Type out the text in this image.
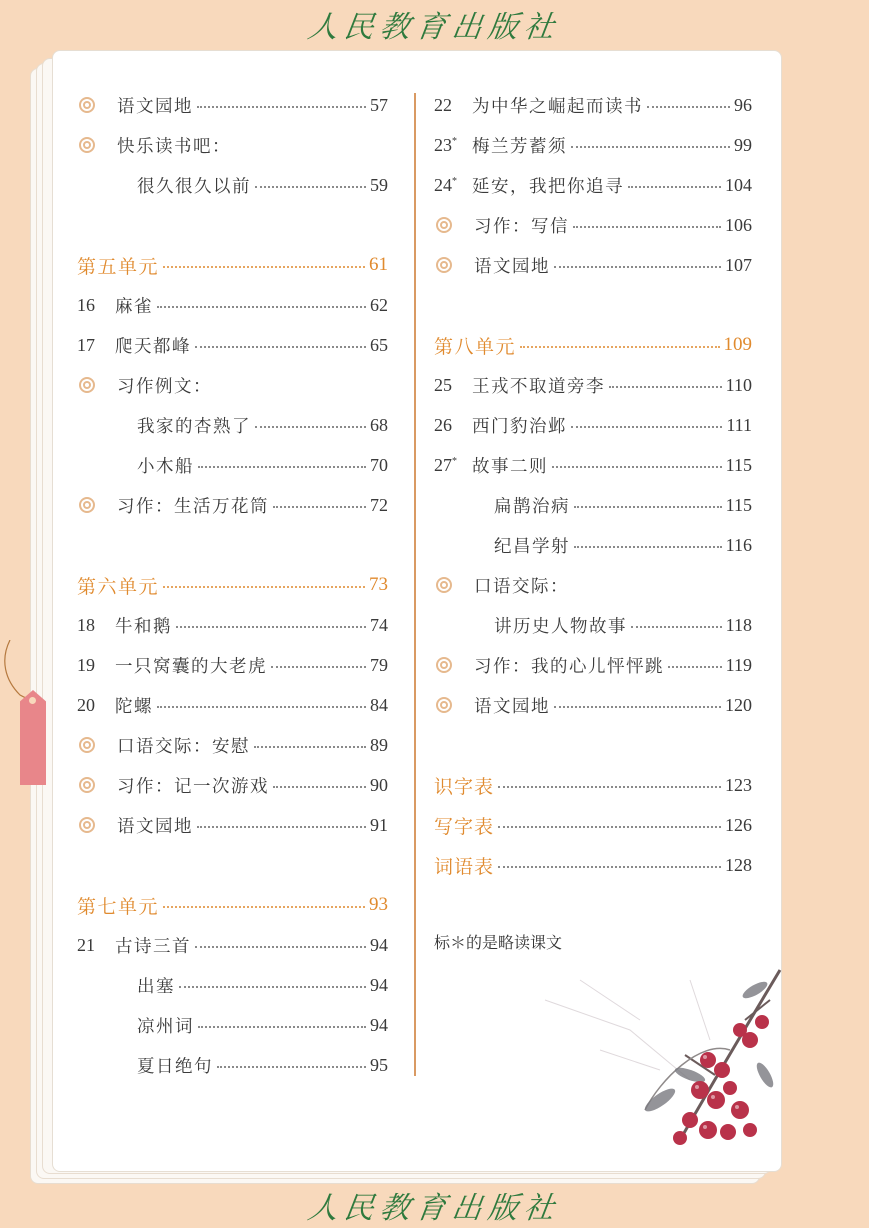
人民教育出版社
语文园地	57
快乐读书吧：
很久很久以前	59
第五单元	61
16	麻雀	62
17	爬天都峰	65
习作例文：
我家的杏熟了	68
小木船	70
习作：生活万花筒	72
第六单元	73
18	牛和鹅	74
19	一只窝囊的大老虎	79
20	陀螺	84
口语交际：安慰	89
习作：记一次游戏	90
语文园地	91
第七单元	93
21	古诗三首	94
出塞	94
凉州词	94
夏日绝句	95
22	为中华之崛起而读书	96
23* 梅兰芳蓄须	99
24* 延安，我把你追寻	104
习作：写信	106
语文园地	107
第八单元	109
25	王戎不取道旁李	110
26	西门豹治邺	111
27* 故事二则	115
扁鹊治病	115
纪昌学射	116
口语交际：
讲历史人物故事	118
习作：我的心儿怦怦跳	119
语文园地	120
识字表	123
写字表	126
词语表	128
标＊的是略读课文
人民教育出版社
